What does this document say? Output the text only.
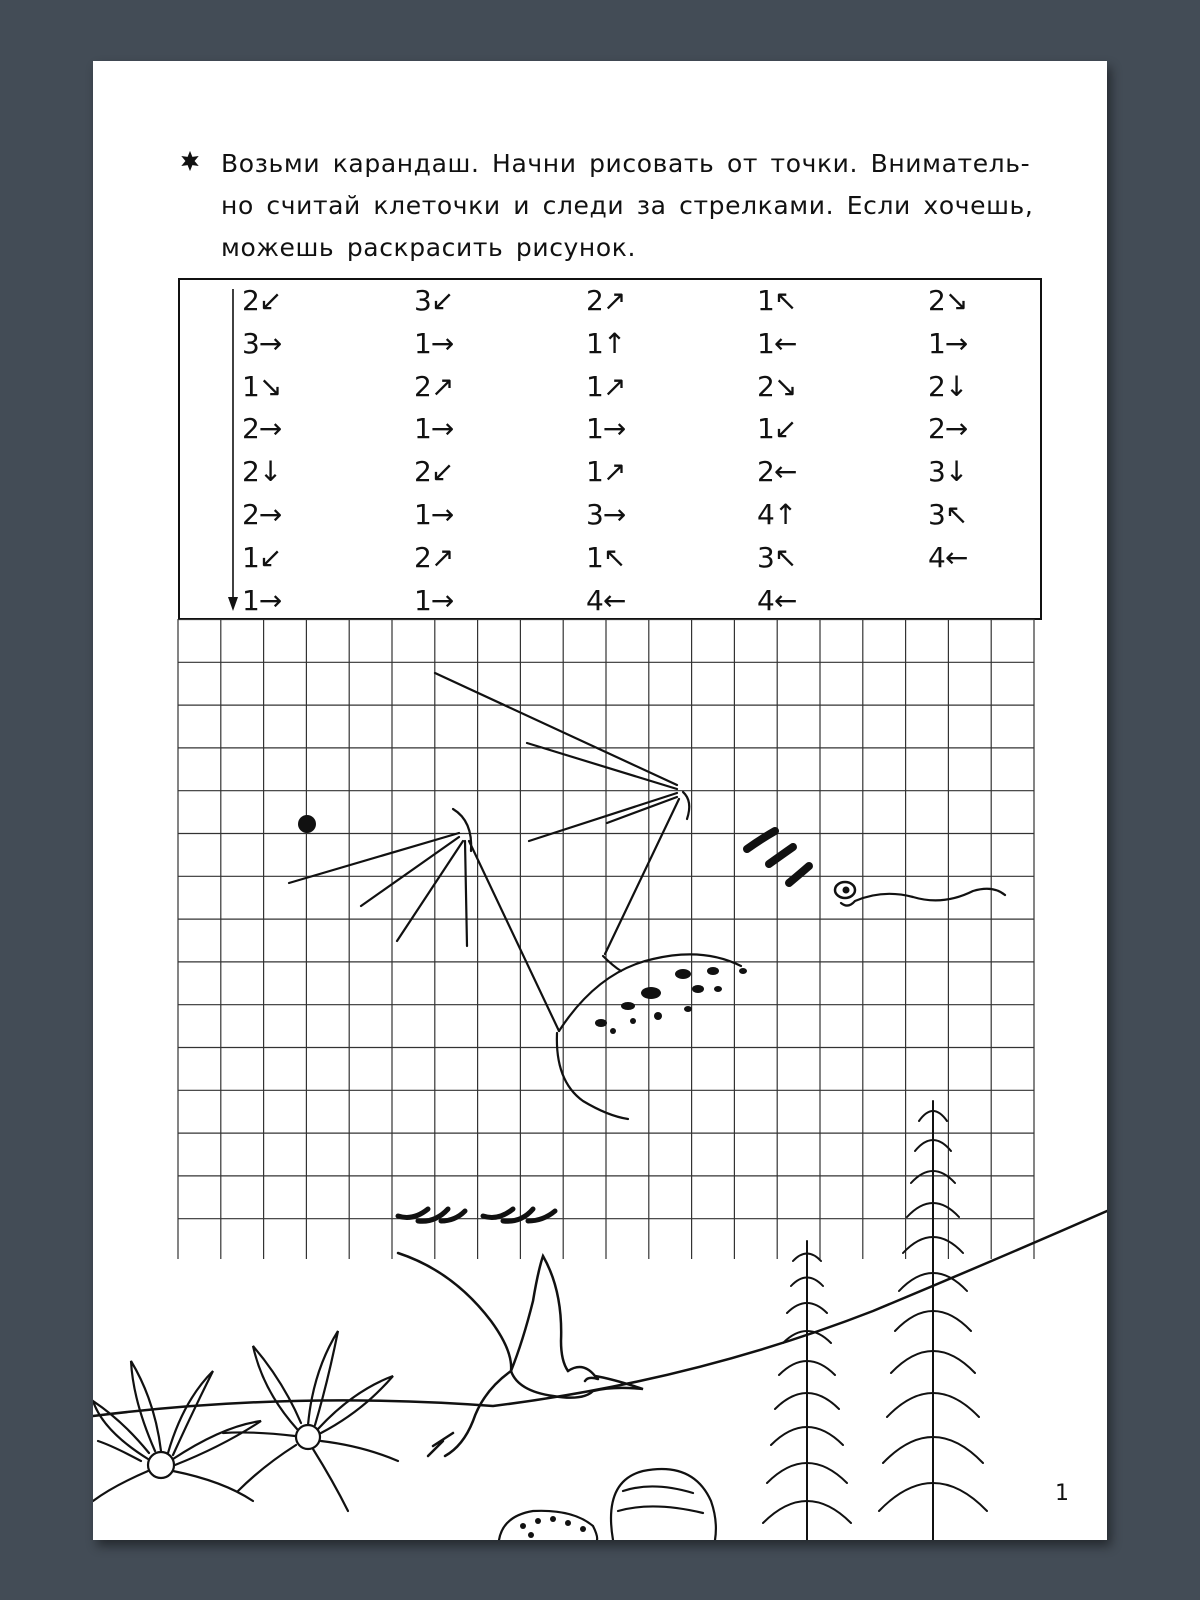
Возьми карандаш. Начни рисовать от точки. Вниматель-
но считай клеточки и следи за стрелками. Если хочешь,
можешь раскрасить рисунок.
2↙	3↙	2↗	1↖	2↘
3→	1→	1↑	1←	1→
1↘	2↗	1↗	2↘	2↓
2→	1→	1→	1↙	2→
2↓	2↙	1↗	2←	3↓
2→	1→	3→	4↑	3↖
1↙	2↗	1↖	3↖	4←
1→	1→	4←	4←
1
